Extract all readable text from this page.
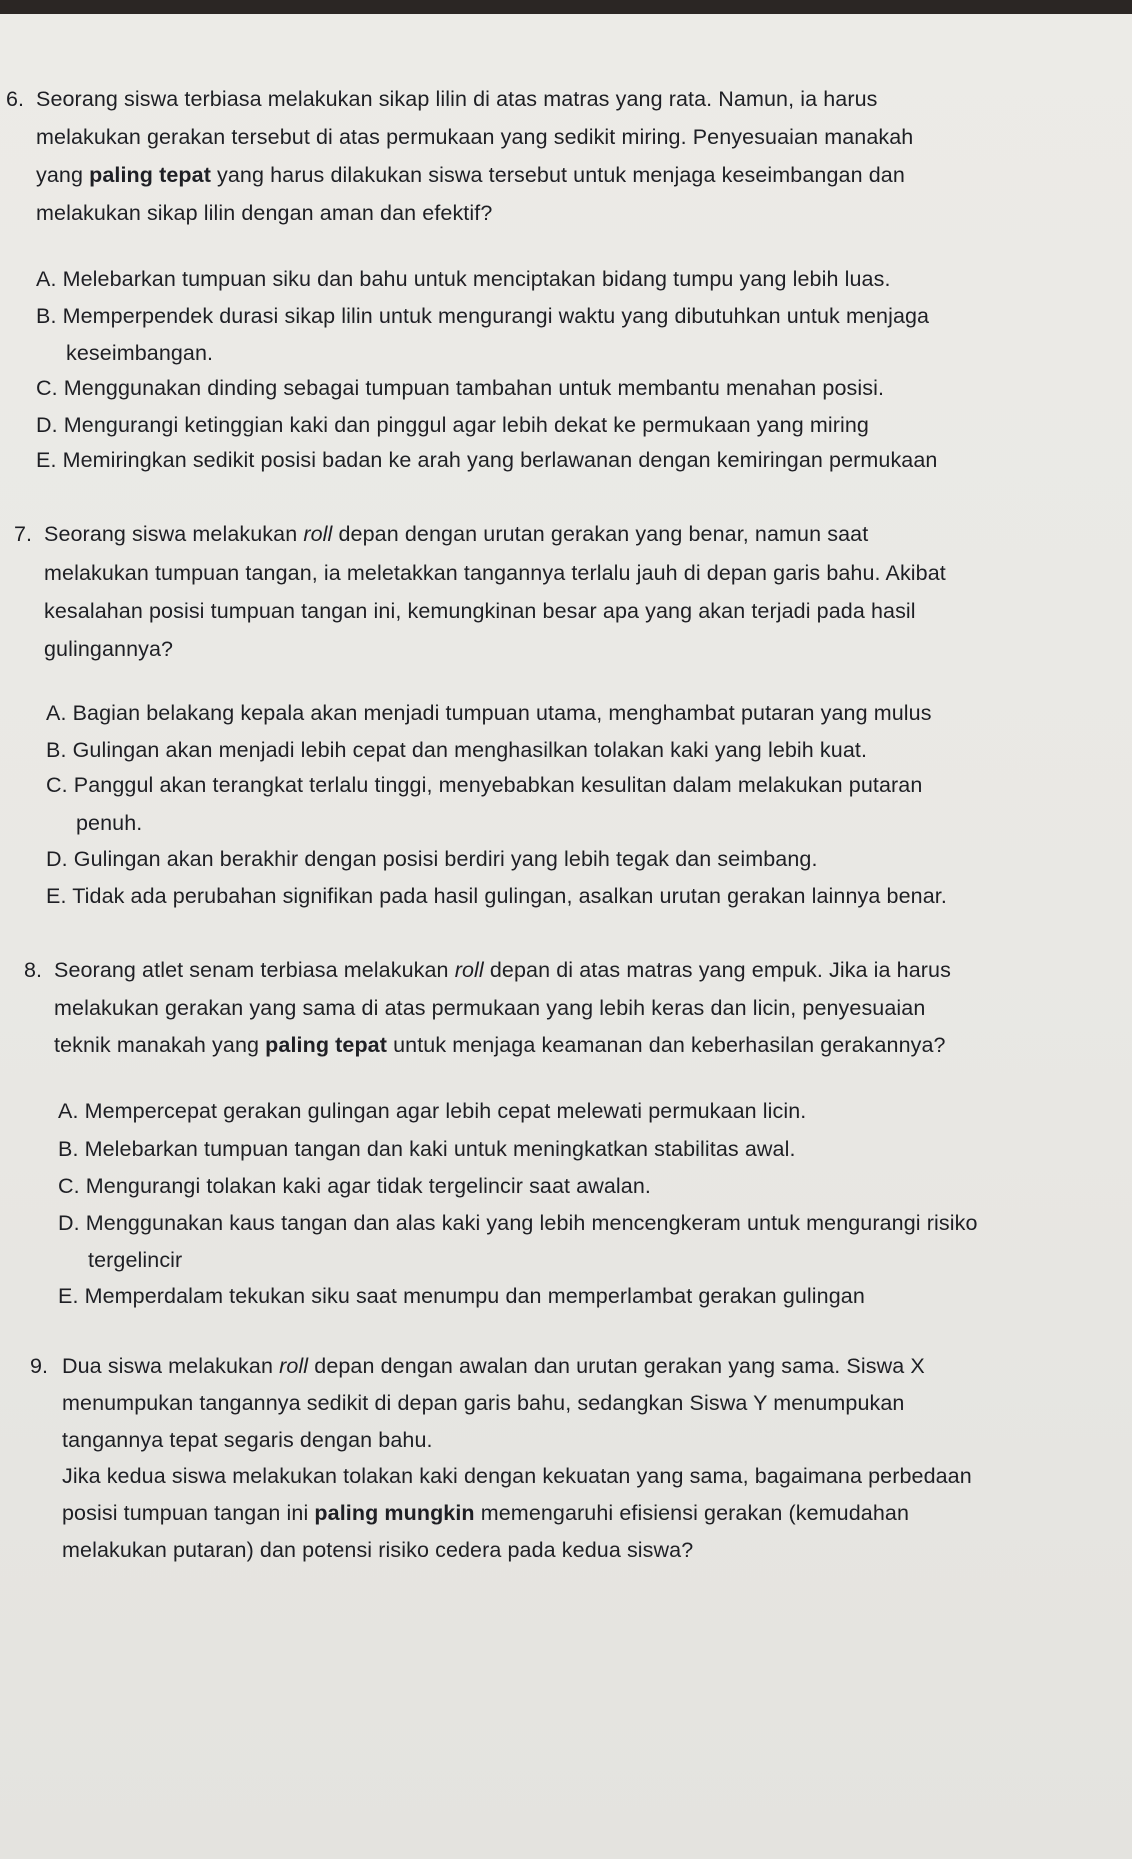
6. Seorang siswa terbiasa melakukan sikap lilin di atas matras yang rata. Namun, ia harus
melakukan gerakan tersebut di atas permukaan yang sedikit miring. Penyesuaian manakah
yang paling tepat yang harus dilakukan siswa tersebut untuk menjaga keseimbangan dan
melakukan sikap lilin dengan aman dan efektif?
A. Melebarkan tumpuan siku dan bahu untuk menciptakan bidang tumpu yang lebih luas.
B. Memperpendek durasi sikap lilin untuk mengurangi waktu yang dibutuhkan untuk menjaga
keseimbangan.
C. Menggunakan dinding sebagai tumpuan tambahan untuk membantu menahan posisi.
D. Mengurangi ketinggian kaki dan pinggul agar lebih dekat ke permukaan yang miring
E. Memiringkan sedikit posisi badan ke arah yang berlawanan dengan kemiringan permukaan
7. Seorang siswa melakukan roll depan dengan urutan gerakan yang benar, namun saat
melakukan tumpuan tangan, ia meletakkan tangannya terlalu jauh di depan garis bahu. Akibat
kesalahan posisi tumpuan tangan ini, kemungkinan besar apa yang akan terjadi pada hasil
gulingannya?
A. Bagian belakang kepala akan menjadi tumpuan utama, menghambat putaran yang mulus
B. Gulingan akan menjadi lebih cepat dan menghasilkan tolakan kaki yang lebih kuat.
C. Panggul akan terangkat terlalu tinggi, menyebabkan kesulitan dalam melakukan putaran
penuh.
D. Gulingan akan berakhir dengan posisi berdiri yang lebih tegak dan seimbang.
E. Tidak ada perubahan signifikan pada hasil gulingan, asalkan urutan gerakan lainnya benar.
8. Seorang atlet senam terbiasa melakukan roll depan di atas matras yang empuk. Jika ia harus
melakukan gerakan yang sama di atas permukaan yang lebih keras dan licin, penyesuaian
teknik manakah yang paling tepat untuk menjaga keamanan dan keberhasilan gerakannya?
A. Mempercepat gerakan gulingan agar lebih cepat melewati permukaan licin.
B. Melebarkan tumpuan tangan dan kaki untuk meningkatkan stabilitas awal.
C. Mengurangi tolakan kaki agar tidak tergelincir saat awalan.
D. Menggunakan kaus tangan dan alas kaki yang lebih mencengkeram untuk mengurangi risiko
tergelincir
E. Memperdalam tekukan siku saat menumpu dan memperlambat gerakan gulingan
9. Dua siswa melakukan roll depan dengan awalan dan urutan gerakan yang sama. Siswa X
menumpukan tangannya sedikit di depan garis bahu, sedangkan Siswa Y menumpukan
tangannya tepat segaris dengan bahu.
Jika kedua siswa melakukan tolakan kaki dengan kekuatan yang sama, bagaimana perbedaan
posisi tumpuan tangan ini paling mungkin memengaruhi efisiensi gerakan (kemudahan
melakukan putaran) dan potensi risiko cedera pada kedua siswa?
